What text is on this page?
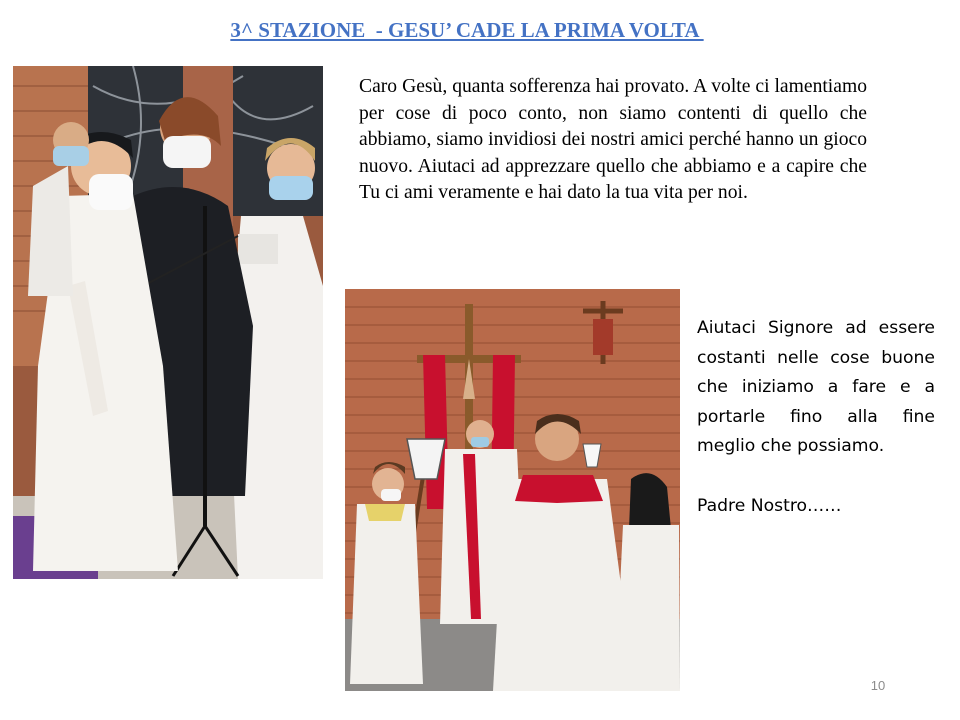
3^ STAZIONE  - GESU’ CADE LA PRIMA VOLTA

Caro Gesù, quanta sofferenza hai provato. A volte ci lamentiamo per cose di poco conto, non siamo contenti di quello che abbiamo, siamo invidiosi dei nostri amici perché hanno un gioco nuovo. Aiutaci ad apprezzare quello che abbiamo e a capire che Tu ci ami veramente e hai dato la tua vita per noi.

Aiutaci Signore ad essere costanti nelle cose buone che iniziamo a fare e a portarle fino alla fine meglio che possiamo.

Padre Nostro……

10
